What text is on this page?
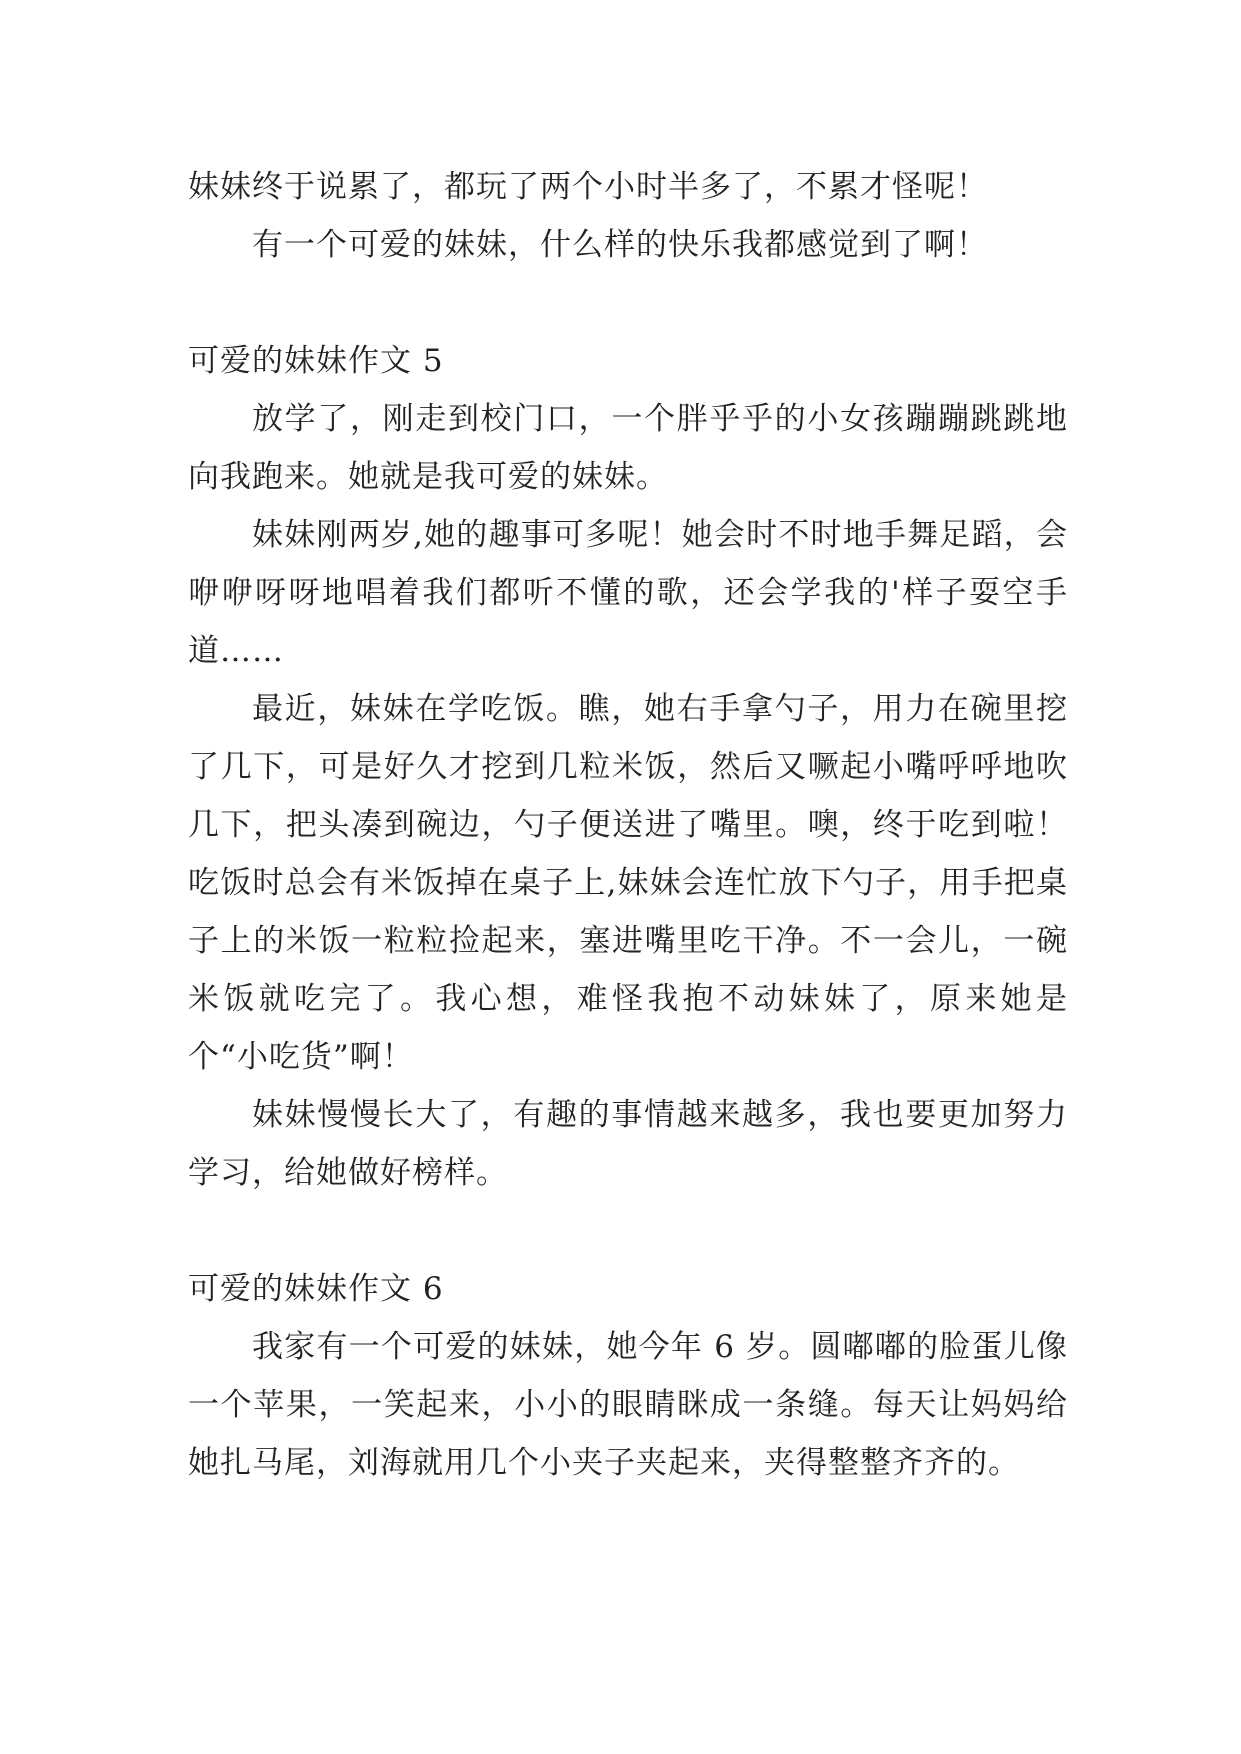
妹妹终于说累了，都玩了两个小时半多了，不累才怪呢！

有一个可爱的妹妹，什么样的快乐我都感觉到了啊！

可爱的妹妹作文 5

放学了，刚走到校门口，一个胖乎乎的小女孩蹦蹦跳跳地向我跑来。她就是我可爱的妹妹。

妹妹刚两岁,她的趣事可多呢！她会时不时地手舞足蹈，会咿咿呀呀地唱着我们都听不懂的歌，还会学我的'样子耍空手道……

最近，妹妹在学吃饭。瞧，她右手拿勺子，用力在碗里挖了几下，可是好久才挖到几粒米饭，然后又噘起小嘴呼呼地吹几下，把头凑到碗边，勺子便送进了嘴里。噢，终于吃到啦！吃饭时总会有米饭掉在桌子上,妹妹会连忙放下勺子，用手把桌子上的米饭一粒粒捡起来，塞进嘴里吃干净。不一会儿，一碗米饭就吃完了。我心想，难怪我抱不动妹妹了，原来她是个“小吃货”啊！

妹妹慢慢长大了，有趣的事情越来越多，我也要更加努力学习，给她做好榜样。

可爱的妹妹作文 6

我家有一个可爱的妹妹，她今年 6 岁。圆嘟嘟的脸蛋儿像一个苹果，一笑起来，小小的眼睛眯成一条缝。每天让妈妈给她扎马尾，刘海就用几个小夹子夹起来，夹得整整齐齐的。
